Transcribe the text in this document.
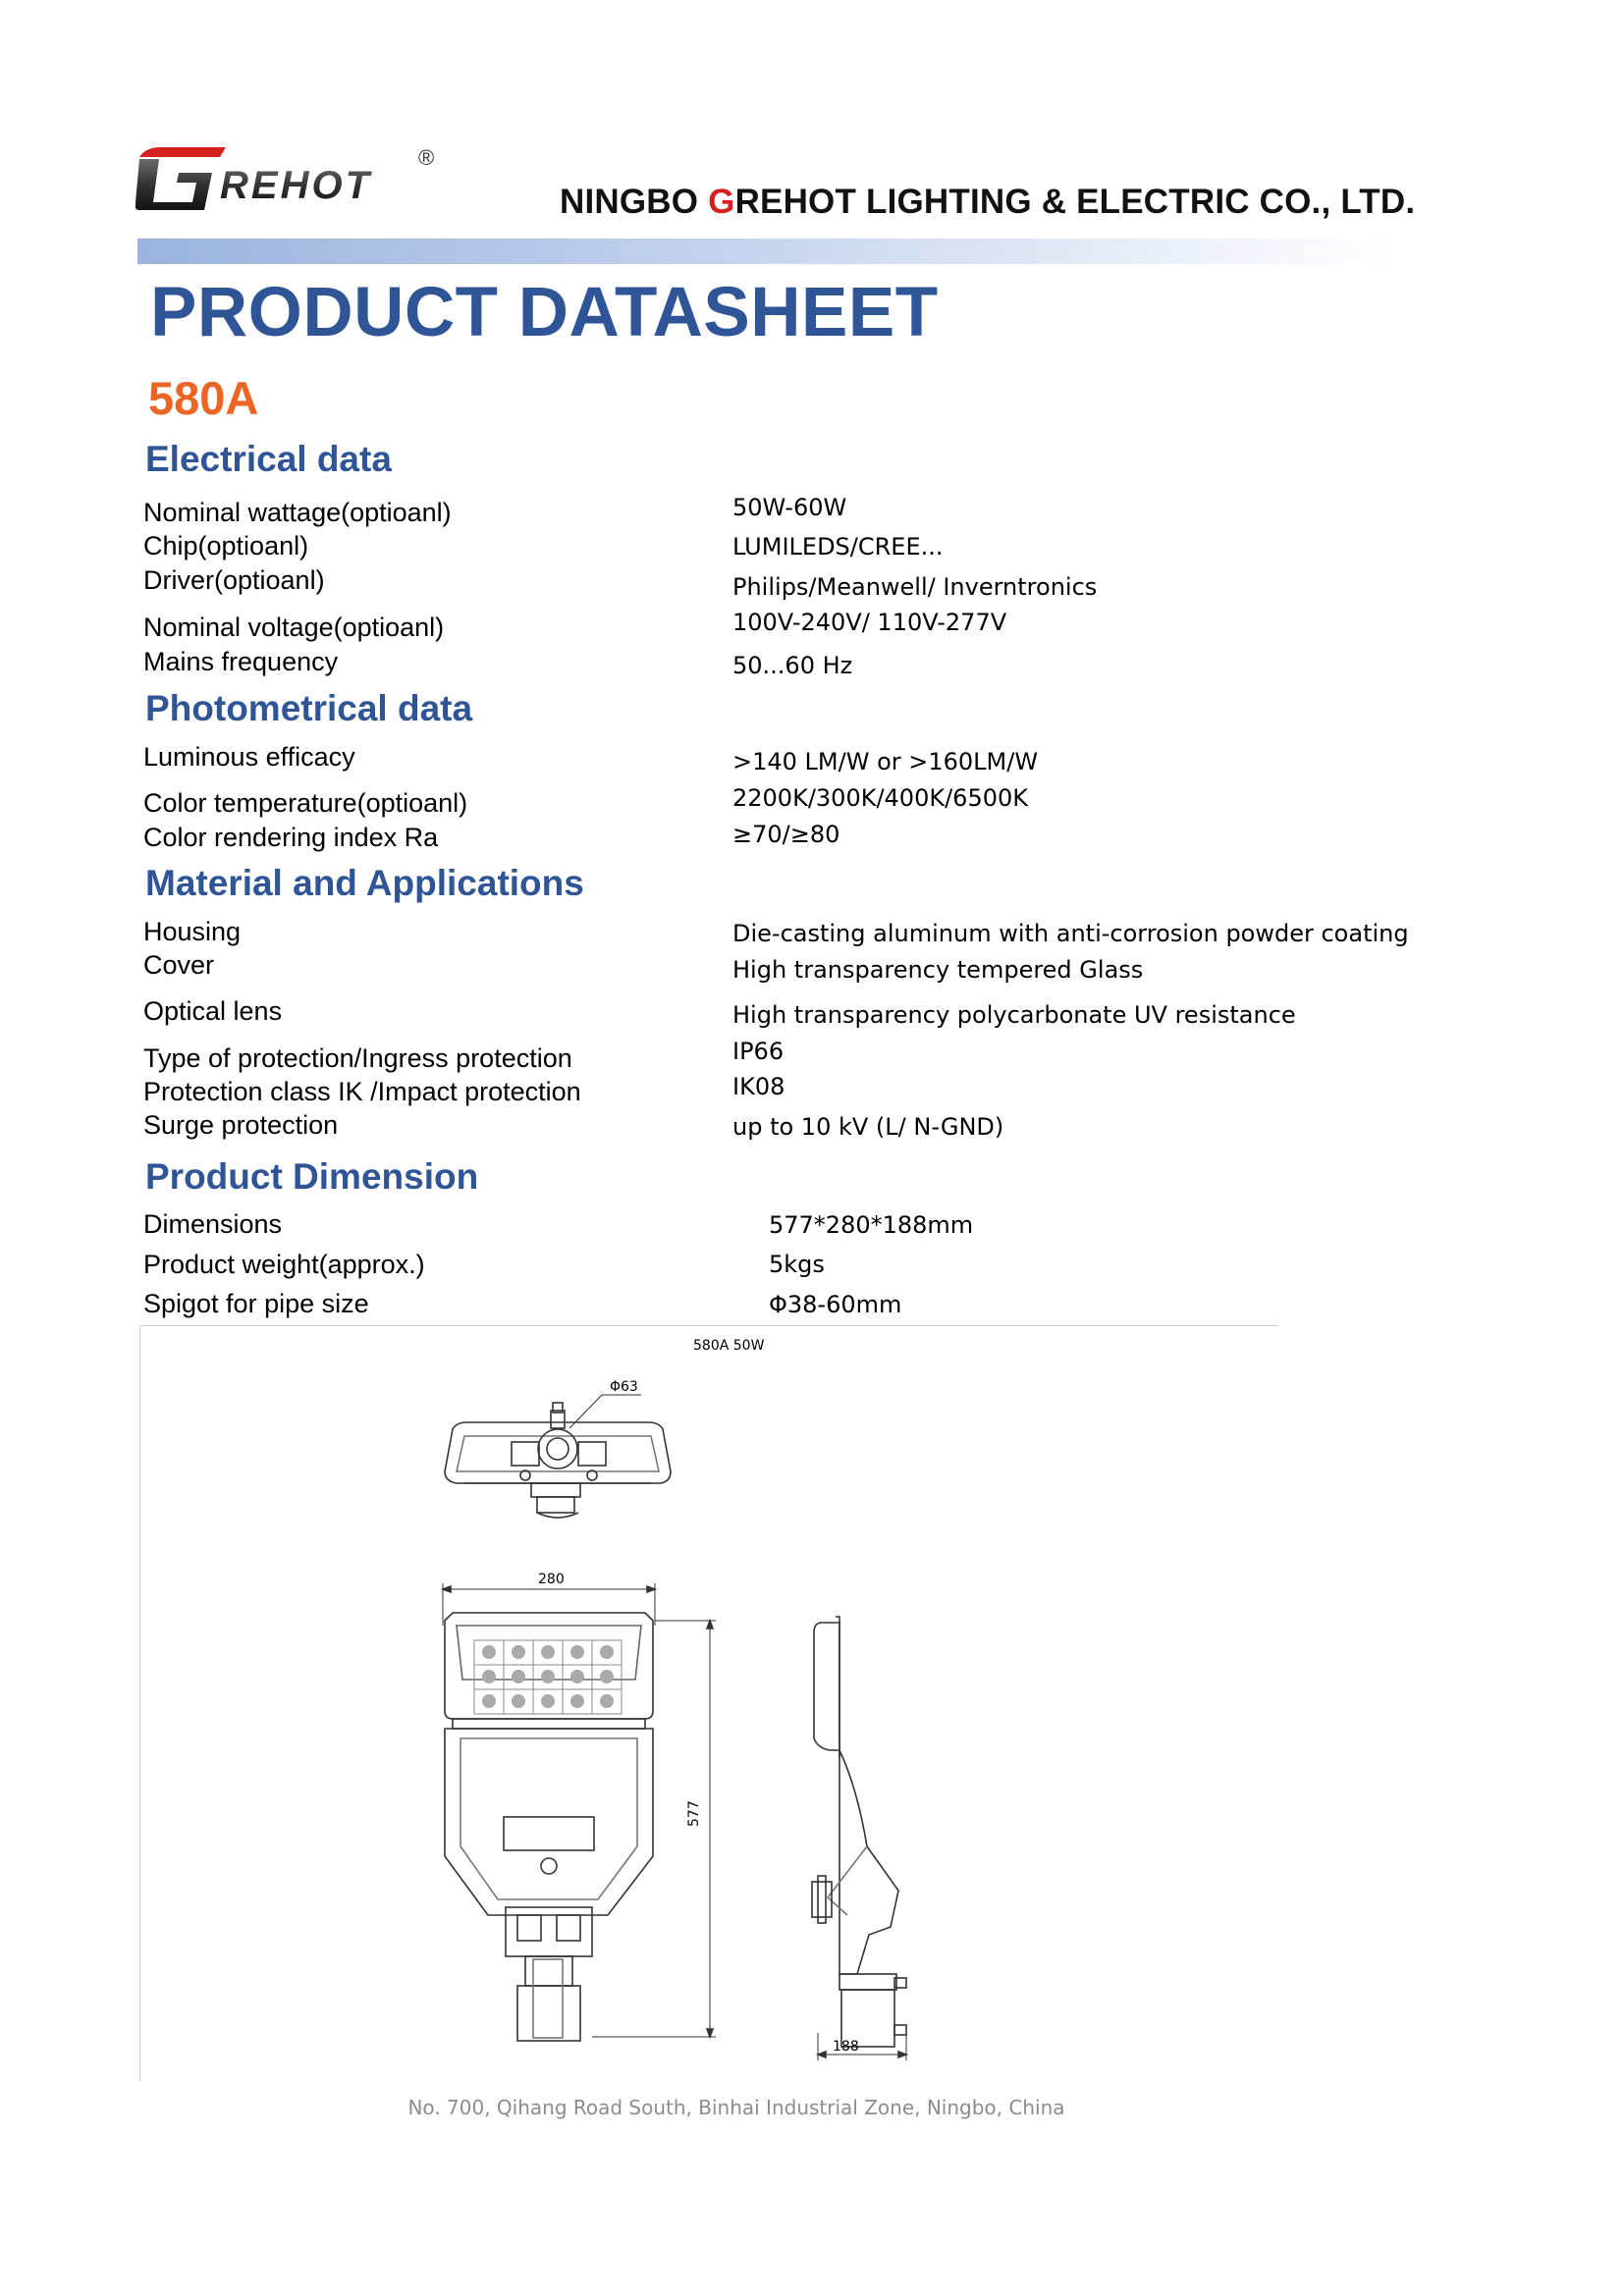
REHOT
®
NINGBO GREHOT LIGHTING & ELECTRIC CO., LTD.
PRODUCT DATASHEET
580A
Electrical data
Nominal wattage(optioanl)	50W-60W
Chip(optioanl)	LUMILEDS/CREE...
Driver(optioanl)	Philips/Meanwell/ Inverntronics
Nominal voltage(optioanl)	100V-240V/ 110V-277V
Mains frequency	50...60 Hz
Photometrical data
Luminous efficacy	>140 LM/W or >160LM/W
Color temperature(optioanl)	2200K/300K/400K/6500K
Color rendering index Ra	≥70/≥80
Material and Applications
Housing	Die-casting aluminum with anti-corrosion powder coating
Cover	High transparency tempered Glass
Optical lens	High transparency polycarbonate UV resistance
Type of protection/Ingress protection	IP66
Protection class IK /Impact protection	IK08
Surge protection	up to 10 kV (L/ N-GND)
Product Dimension
Dimensions	577*280*188mm
Product weight(approx.)	5kgs
Spigot for pipe size	Φ38-60mm
580A 50W
Φ63
280
577
188
No. 700, Qihang Road South, Binhai Industrial Zone, Ningbo, China
